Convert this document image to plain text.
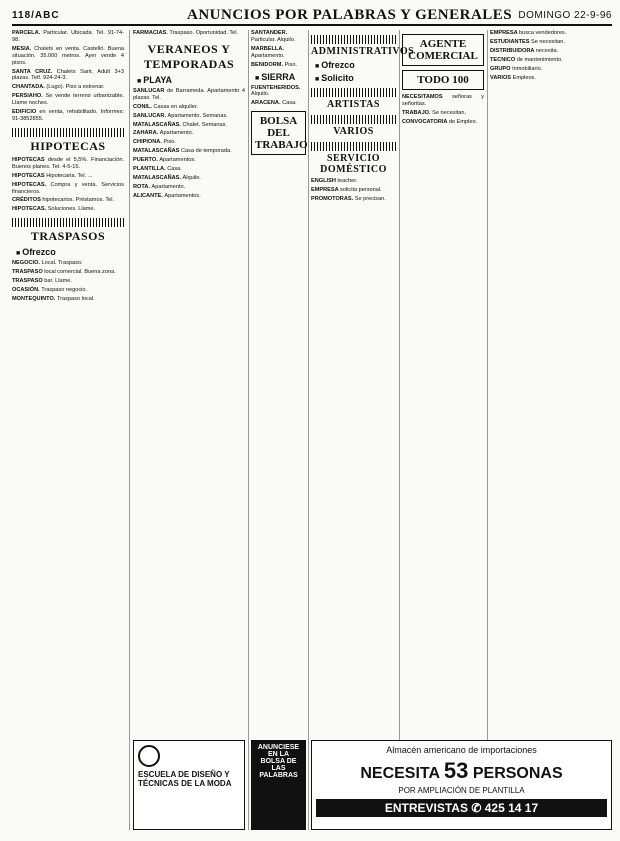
118/ABC	ANUNCIOS POR PALABRAS Y GENERALES DOMINGO 22-9-96
PARCELA. Particular. Ubicada. Tel. 91-74-98.
MESIA. Chalets en venta. Castelló. Buena situación. 35.000 metros. Ayer vende 4 pisos.
SANTA CRUZ. Chalets Sant. Adult 3+3 plazas. Telf. 924-24-3.
CHANTADA. (Lugo). Piso a estrenar.
PERSIAHO. Se vende terreno urbanizable. Llame noches.
EDIFICIO en venta, rehabilitado. Informes: 91-3852855.
HIPOTECAS
HIPOTECAS desde el 5,5%. Financiación. Buenos planes. Tel. 4-5-15.
HIPOTECAS Hipotecaria. Tel. ...
HIPOTECAS. Compra y venta. Servicios financieros.
CRÉDITOS hipotecarios. Préstamos. Tel.
HIPOTECAS. Soluciones. Llame.
TRASPASOS
■ Ofrezco
NEGOCIO. Local. Traspaso.
TRASPASO local comercial. Buena zona.
TRASPASO bar. Llame.
OCASIÓN. Traspaso negocio.
MONTEQUINTO. Traspaso local.
FARMACIAS. Traspaso. Oportunidad. Tel.
VERANEOS Y TEMPORADAS
■ PLAYA
SANLUCAR de Barrameda. Apartamento 4 plazas. Tel.
CONIL. Casas en alquiler.
SANLUCAR. Apartamento. Semanas.
MATALASCAÑAS. Chalet. Semanas.
ZAHARA. Apartamento.
CHIPIONA. Piso.
MATALASCAÑAS Casa de temporada.
PUERTO. Apartamentos.
PLANTILLA. Casa.
MATALASCAÑAS. Alquilo.
ROTA. Apartamento.
ALICANTE. Apartamentos.
SANTANDER. Particular. Alquilo.
MARBELLA. Apartamento.
BENIDORM. Piso.
■ SIERRA
FUENTEHERIDOS. Alquilo.
ARACENA. Casa.
BOLSA DEL TRABAJO
ADMINISTRATIVOS
■ Ofrezco
■ Solicito
ARTISTAS
VARIOS
SERVICIO DOMÉSTICO
ENGLISH teacher.
EMPRESA solicita personal.
PROMOTORAS. Se precisan.
AGENTE COMERCIAL
TODO 100
NECESITAMOS señoras y señoritas.
TRABAJO. Se necesitan.
CONVOCATORIA de Empleo.
EMPRESA busca vendedores.
ESTUDIANTES Se necesitan.
DISTRIBUIDORA necesita.
TECNICO de mantenimiento.
GRUPO Inmobiliario.
VARIOS Empleos.
ANUNCIESE EN LA BOLSA DE LAS PALABRAS
ESCUELA DE DISEÑO Y TÉCNICAS DE LA MODA
Almacén americano de importaciones
NECESITA 53 PERSONAS
POR AMPLIACIÓN DE PLANTILLA
ENTREVISTAS ✆ 425 14 17
